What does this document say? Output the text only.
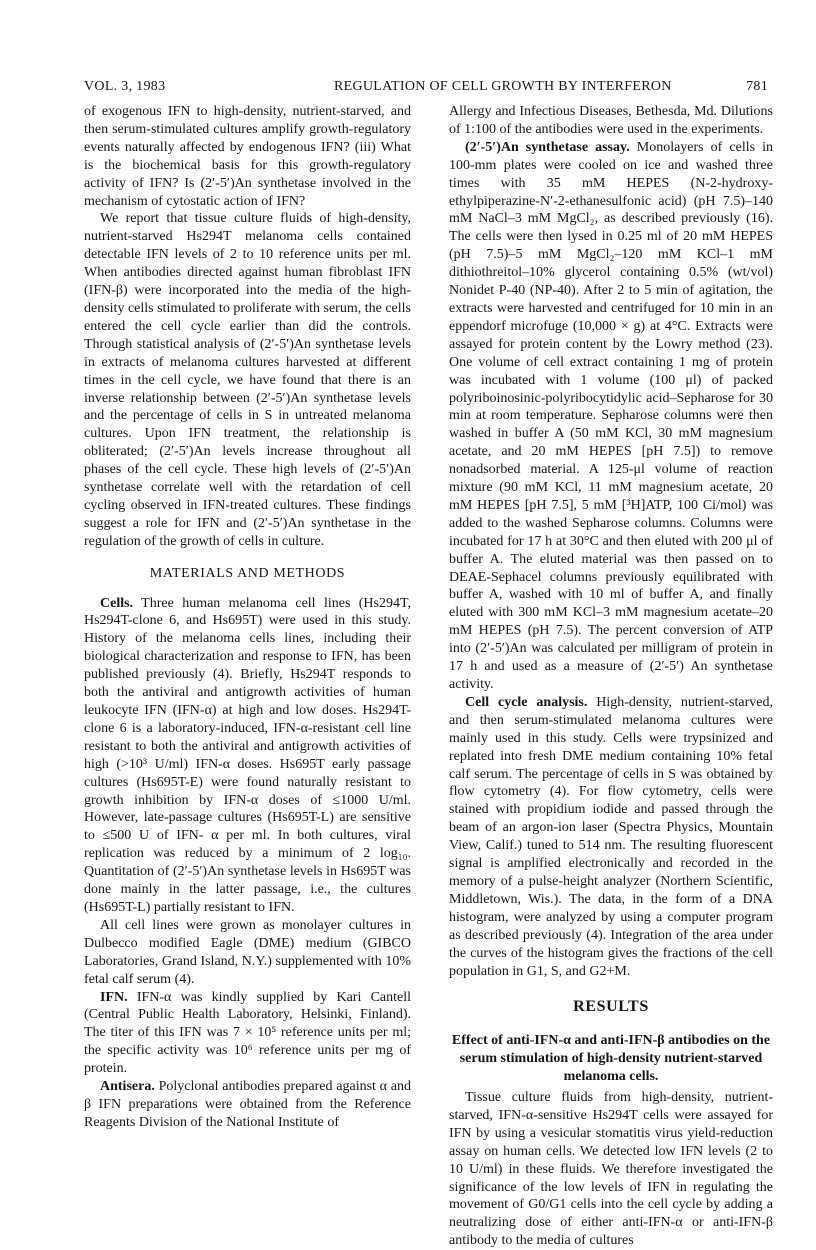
VOL. 3, 1983	REGULATION OF CELL GROWTH BY INTERFERON	781

of exogenous IFN to high-density, nutrient-starved, and then serum-stimulated cultures amplify growth-regulatory events naturally affected by endogenous IFN? (iii) What is the biochemical basis for this growth-regulatory activity of IFN? Is (2′-5′)An synthetase involved in the mechanism of cytostatic action of IFN?

We report that tissue culture fluids of high-density, nutrient-starved Hs294T melanoma cells contained detectable IFN levels of 2 to 10 reference units per ml. When antibodies directed against human fibroblast IFN (IFN-β) were incorporated into the media of the high-density cells stimulated to proliferate with serum, the cells entered the cell cycle earlier than did the controls. Through statistical analysis of (2′-5′)An synthetase levels in extracts of melanoma cultures harvested at different times in the cell cycle, we have found that there is an inverse relationship between (2′-5′)An synthetase levels and the percentage of cells in S in untreated melanoma cultures. Upon IFN treatment, the relationship is obliterated; (2′-5′)An levels increase throughout all phases of the cell cycle. These high levels of (2′-5′)An synthetase correlate well with the retardation of cell cycling observed in IFN-treated cultures. These findings suggest a role for IFN and (2′-5′)An synthetase in the regulation of the growth of cells in culture.

MATERIALS AND METHODS

Cells. Three human melanoma cell lines (Hs294T, Hs294T-clone 6, and Hs695T) were used in this study. History of the melanoma cells lines, including their biological characterization and response to IFN, has been published previously (4). Briefly, Hs294T responds to both the antiviral and antigrowth activities of human leukocyte IFN (IFN-α) at high and low doses. Hs294T-clone 6 is a laboratory-induced, IFN-α-resistant cell line resistant to both the antiviral and antigrowth activities of high (>10³ U/ml) IFN-α doses. Hs695T early passage cultures (Hs695T-E) were found naturally resistant to growth inhibition by IFN-α doses of ≤1000 U/ml. However, late-passage cultures (Hs695T-L) are sensitive to ≤500 U of IFN- α per ml. In both cultures, viral replication was reduced by a minimum of 2 log₁₀. Quantitation of (2′-5′)An synthetase levels in Hs695T was done mainly in the latter passage, i.e., the cultures (Hs695T-L) partially resistant to IFN.

All cell lines were grown as monolayer cultures in Dulbecco modified Eagle (DME) medium (GIBCO Laboratories, Grand Island, N.Y.) supplemented with 10% fetal calf serum (4).

IFN. IFN-α was kindly supplied by Kari Cantell (Central Public Health Laboratory, Helsinki, Finland). The titer of this IFN was 7 × 10⁵ reference units per ml; the specific activity was 10⁶ reference units per mg of protein.

Antisera. Polyclonal antibodies prepared against α and β IFN preparations were obtained from the Reference Reagents Division of the National Institute of

Allergy and Infectious Diseases, Bethesda, Md. Dilutions of 1:100 of the antibodies were used in the experiments.

(2′-5′)An synthetase assay. Monolayers of cells in 100-mm plates were cooled on ice and washed three times with 35 mM HEPES (N-2-hydroxy-ethylpiperazine-N′-2-ethanesulfonic acid) (pH 7.5)–140 mM NaCl–3 mM MgCl₂, as described previously (16). The cells were then lysed in 0.25 ml of 20 mM HEPES (pH 7.5)–5 mM MgCl₂–120 mM KCl–1 mM dithiothreitol–10% glycerol containing 0.5% (wt/vol) Nonidet P-40 (NP-40). After 2 to 5 min of agitation, the extracts were harvested and centrifuged for 10 min in an eppendorf microfuge (10,000 × g) at 4°C. Extracts were assayed for protein content by the Lowry method (23). One volume of cell extract containing 1 mg of protein was incubated with 1 volume (100 μl) of packed polyriboinosinic-polyribocytidylic acid–Sepharose for 30 min at room temperature. Sepharose columns were then washed in buffer A (50 mM KCl, 30 mM magnesium acetate, and 20 mM HEPES [pH 7.5]) to remove nonadsorbed material. A 125-μl volume of reaction mixture (90 mM KCl, 11 mM magnesium acetate, 20 mM HEPES [pH 7.5], 5 mM [³H]ATP, 100 Ci/mol) was added to the washed Sepharose columns. Columns were incubated for 17 h at 30°C and then eluted with 200 μl of buffer A. The eluted material was then passed on to DEAE-Sephacel columns previously equilibrated with buffer A, washed with 10 ml of buffer A, and finally eluted with 300 mM KCl–3 mM magnesium acetate–20 mM HEPES (pH 7.5). The percent conversion of ATP into (2′-5′)An was calculated per milligram of protein in 17 h and used as a measure of (2′-5′) An synthetase activity.

Cell cycle analysis. High-density, nutrient-starved, and then serum-stimulated melanoma cultures were mainly used in this study. Cells were trypsinized and replated into fresh DME medium containing 10% fetal calf serum. The percentage of cells in S was obtained by flow cytometry (4). For flow cytometry, cells were stained with propidium iodide and passed through the beam of an argon-ion laser (Spectra Physics, Mountain View, Calif.) tuned to 514 nm. The resulting fluorescent signal is amplified electronically and recorded in the memory of a pulse-height analyzer (Northern Scientific, Middletown, Wis.). The data, in the form of a DNA histogram, were analyzed by using a computer program as described previously (4). Integration of the area under the curves of the histogram gives the fractions of the cell population in G1, S, and G2+M.

RESULTS
Effect of anti-IFN-α and anti-IFN-β antibodies on the serum stimulation of high-density nutrient-starved melanoma cells.

Tissue culture fluids from high-density, nutrient-starved, IFN-α-sensitive Hs294T cells were assayed for IFN by using a vesicular stomatitis virus yield-reduction assay on human cells. We detected low IFN levels (2 to 10 U/ml) in these fluids. We therefore investigated the significance of the low levels of IFN in regulating the movement of G0/G1 cells into the cell cycle by adding a neutralizing dose of either anti-IFN-α or anti-IFN-β antibody to the media of cultures
